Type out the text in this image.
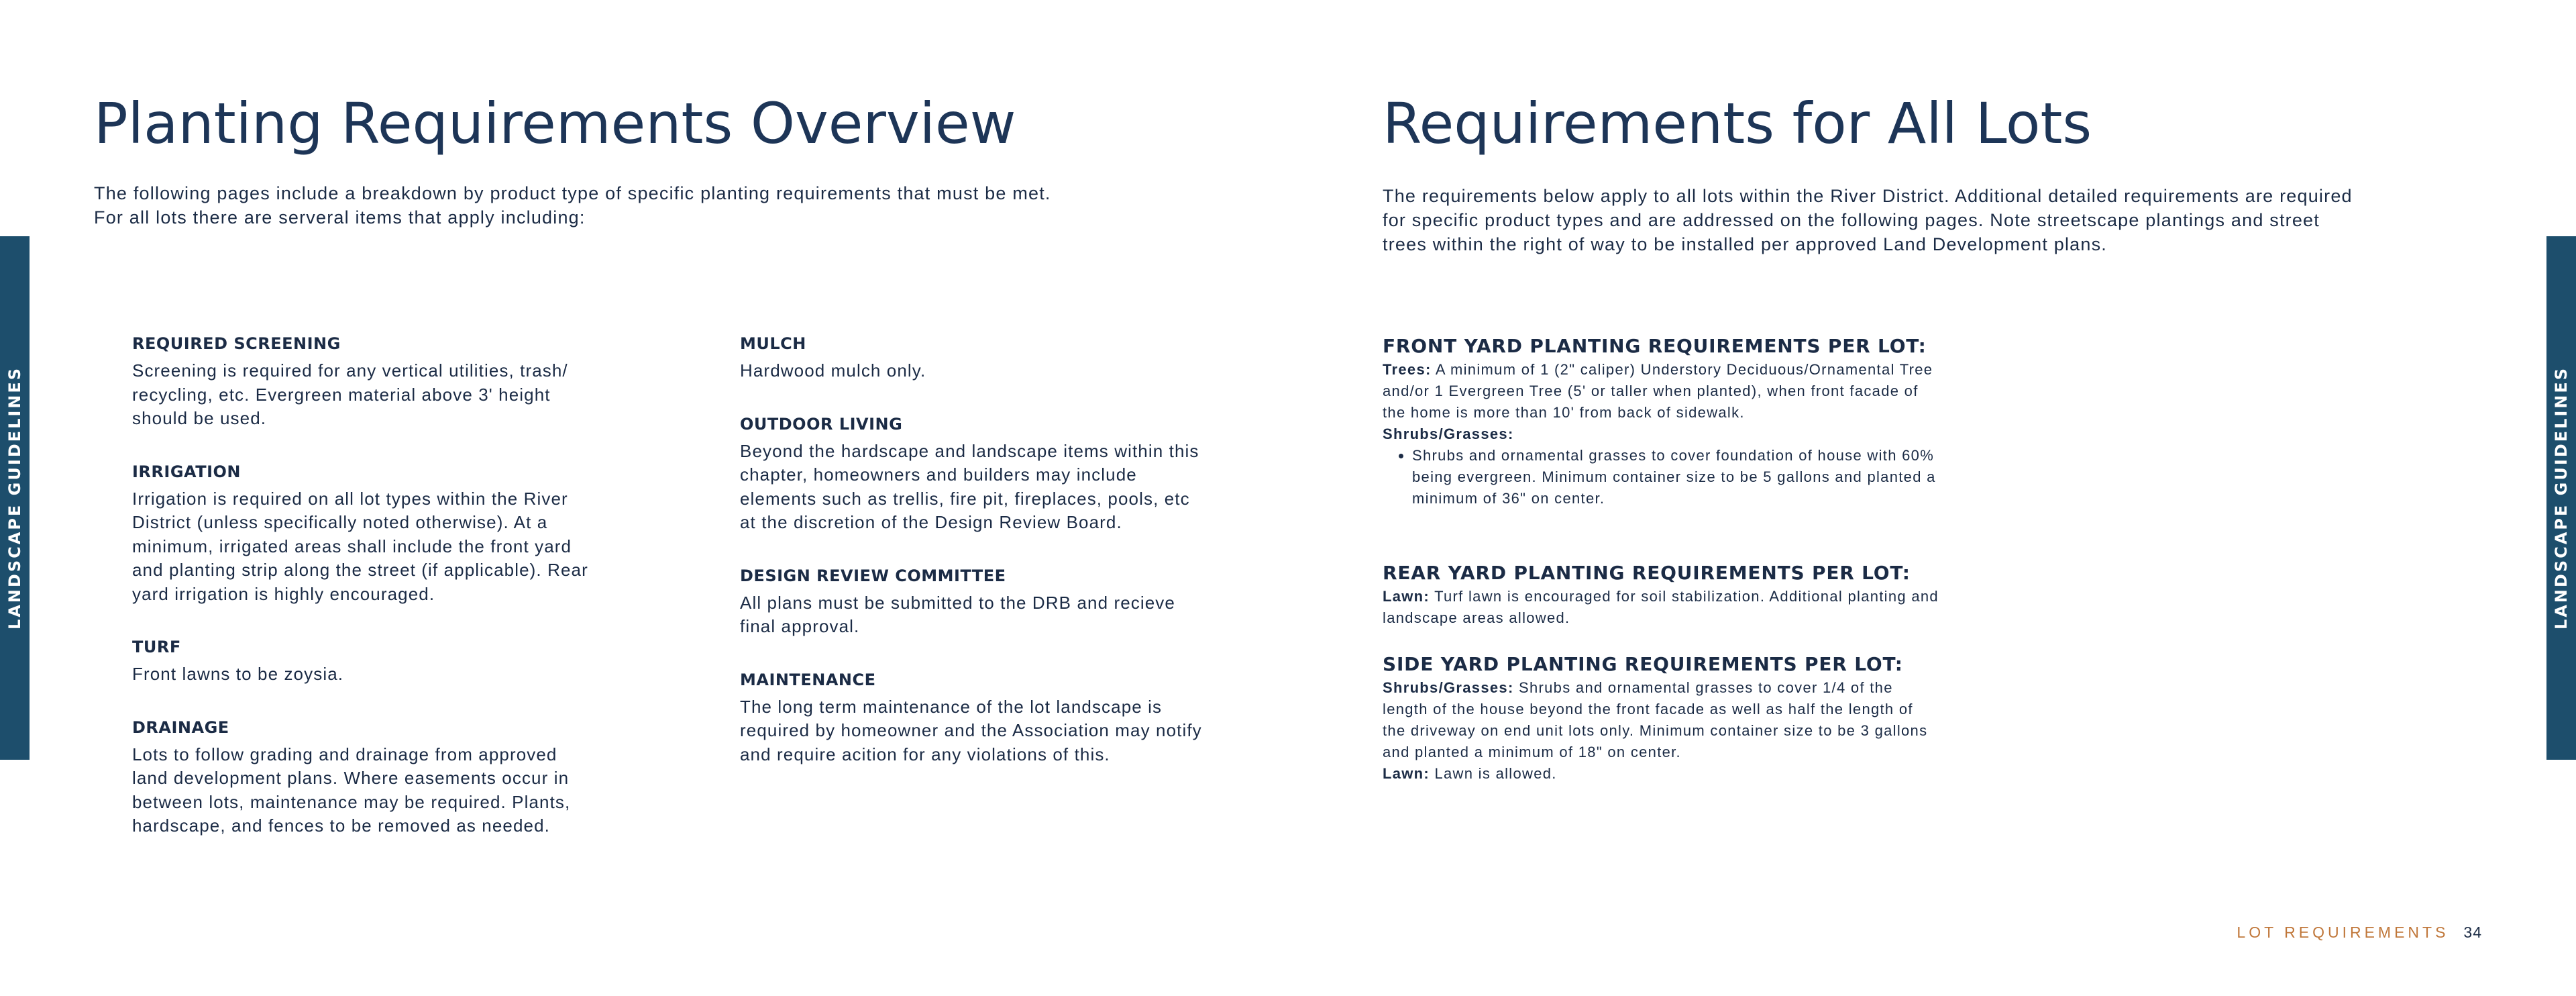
LANDSCAPE GUIDELINES	LANDSCAPE GUIDELINES
Planting Requirements Overview
The following pages include a breakdown by product type of specific planting requirements that must be met.
For all lots there are serveral items that apply including:
REQUIRED SCREENING

Screening is required for any vertical utilities, trash/ recycling, etc. Evergreen material above 3' height should be used.

IRRIGATION

Irrigation is required on all lot types within the River District (unless specifically noted otherwise). At a minimum, irrigated areas shall include the front yard and planting strip along the street (if applicable). Rear yard irrigation is highly encouraged.

TURF

Front lawns to be zoysia.

DRAINAGE

Lots to follow grading and drainage from approved land development plans. Where easements occur in between lots, maintenance may be required. Plants, hardscape, and fences to be removed as needed.

MULCH

Hardwood mulch only.

OUTDOOR LIVING

Beyond the hardscape and landscape items within this chapter, homeowners and builders may include elements such as trellis, fire pit, fireplaces, pools, etc at the discretion of the Design Review Board.

DESIGN REVIEW COMMITTEE

All plans must be submitted to the DRB and recieve final approval.

MAINTENANCE

The long term maintenance of the lot landscape is required by homeowner and the Association may notify and require acition for any violations of this.

Requirements for All Lots

The requirements below apply to all lots within the River District. Additional detailed requirements are required for specific product types and are addressed on the following pages. Note streetscape plantings and street trees within the right of way to be installed per approved Land Development plans.

FRONT YARD PLANTING REQUIREMENTS PER LOT:

Trees: A minimum of 1 (2" caliper) Understory Deciduous/Ornamental Tree and/or 1 Evergreen Tree (5' or taller when planted), when front facade of the home is more than 10' from back of sidewalk.

Shrubs/Grasses:

• Shrubs and ornamental grasses to cover foundation of house with 60% being evergreen. Minimum container size to be 5 gallons and planted a minimum of 36" on center.
REAR YARD PLANTING REQUIREMENTS PER LOT:

Lawn: Turf lawn is encouraged for soil stabilization. Additional planting and landscape areas allowed.

SIDE YARD PLANTING REQUIREMENTS PER LOT:

Shrubs/Grasses: Shrubs and ornamental grasses to cover 1/4 of the length of the house beyond the front facade as well as half the length of the driveway on end unit lots only. Minimum container size to be 3 gallons and planted a minimum of 18" on center.

Lawn: Lawn is allowed.

LOT REQUIREMENTS 34
